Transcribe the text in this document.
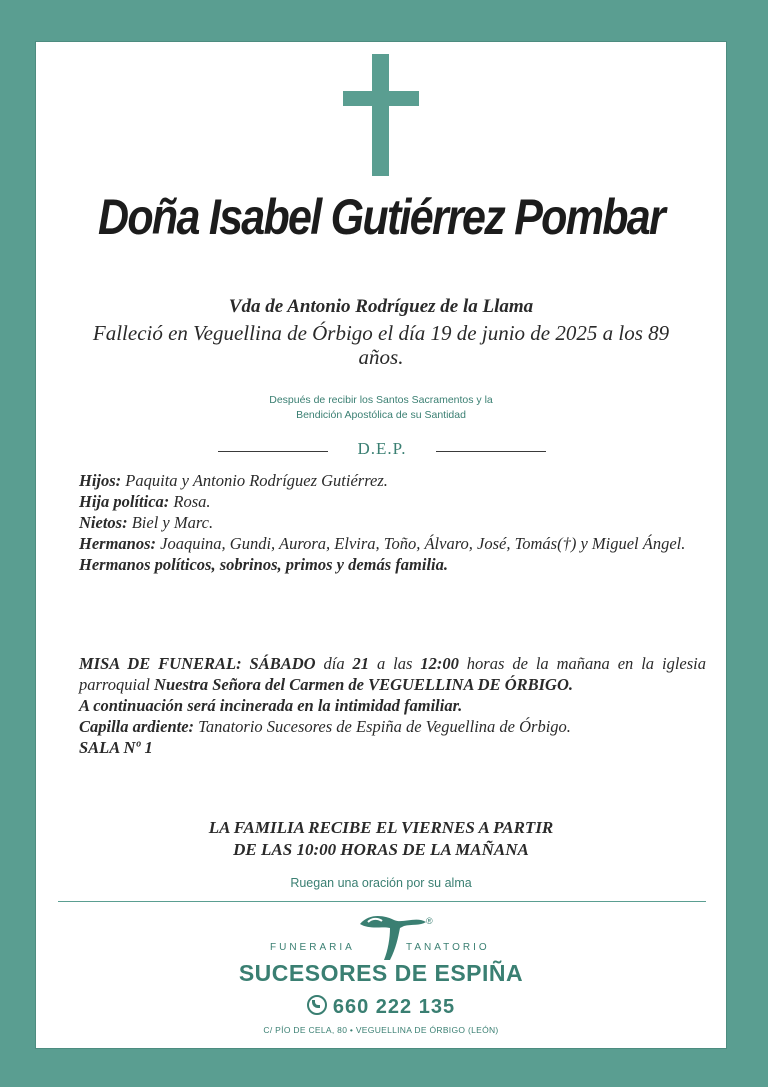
Doña Isabel Gutiérrez Pombar
Vda de Antonio Rodríguez de la Llama
Falleció en Veguellina de Órbigo el día 19 de junio de 2025 a los 89 años.
Después de recibir los Santos Sacramentos y la
Bendición Apostólica de su Santidad
D.E.P.

Hijos: Paquita y Antonio Rodríguez Gutiérrez.

Hija política: Rosa.

Nietos: Biel y Marc.

Hermanos: Joaquina, Gundi, Aurora, Elvira, Toño, Álvaro, José, Tomás(†) y Miguel Ángel.

Hermanos políticos, sobrinos, primos y demás familia.

MISA DE FUNERAL: SÁBADO día 21 a las 12:00 horas de la mañana en la iglesia parroquial Nuestra Señora del Carmen de VEGUELLINA DE ÓRBIGO.

A continuación será incinerada en la intimidad familiar.

Capilla ardiente: Tanatorio Sucesores de Espiña de Veguellina de Órbigo.

SALA Nº 1

LA FAMILIA RECIBE EL VIERNES A PARTIR
DE LAS 10:00 HORAS DE LA MAÑANA
Ruegan una oración por su alma
®
FUNERARIA	TANATORIO
SUCESORES DE ESPIÑA
660 222 135
C/ PÍO DE CELA, 80 • VEGUELLINA DE ÓRBIGO (LEÓN)
